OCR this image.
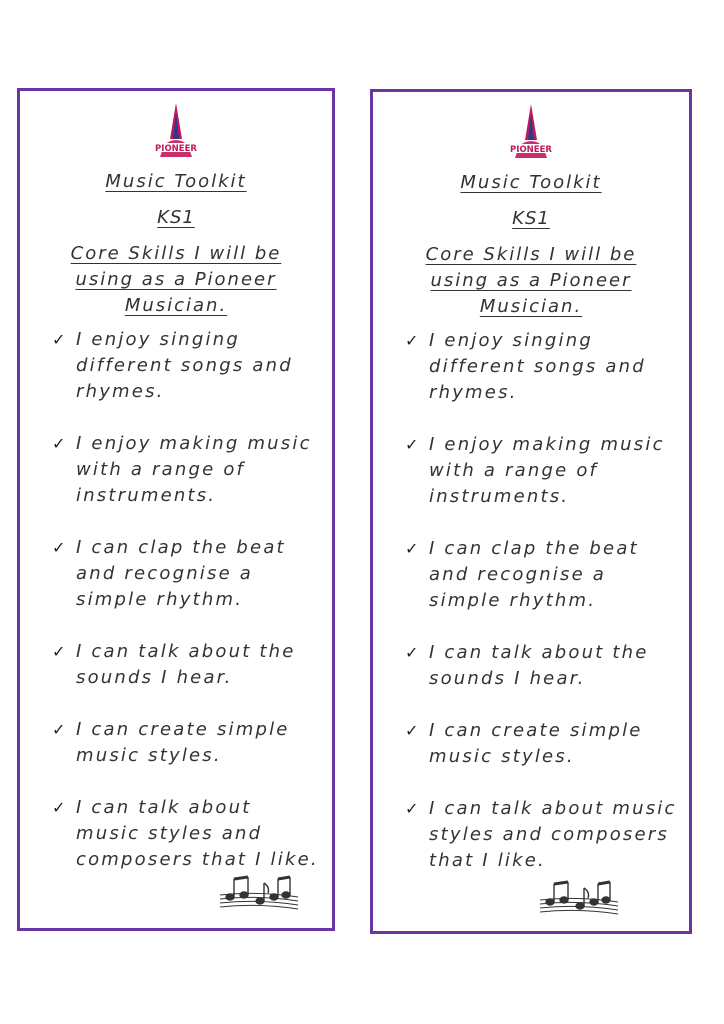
PIONEER
Music Toolkit
KS1
Core Skills I will be using as a Pioneer Musician.
✓ I enjoy singing different songs and rhymes.
✓ I enjoy making music with a range of instruments.
✓ I can clap the beat and recognise a simple rhythm.
✓ I can talk about the sounds I hear.
✓ I can create simple music styles.
✓ I can talk about music styles and composers that I like.
PIONEER
Music Toolkit
KS1
Core Skills I will be using as a Pioneer Musician.
✓ I enjoy singing different songs and rhymes.
✓ I enjoy making music with a range of instruments.
✓ I can clap the beat and recognise a simple rhythm.
✓ I can talk about the sounds I hear.
✓ I can create simple music styles.
✓ I can talk about music styles and composers that I like.
